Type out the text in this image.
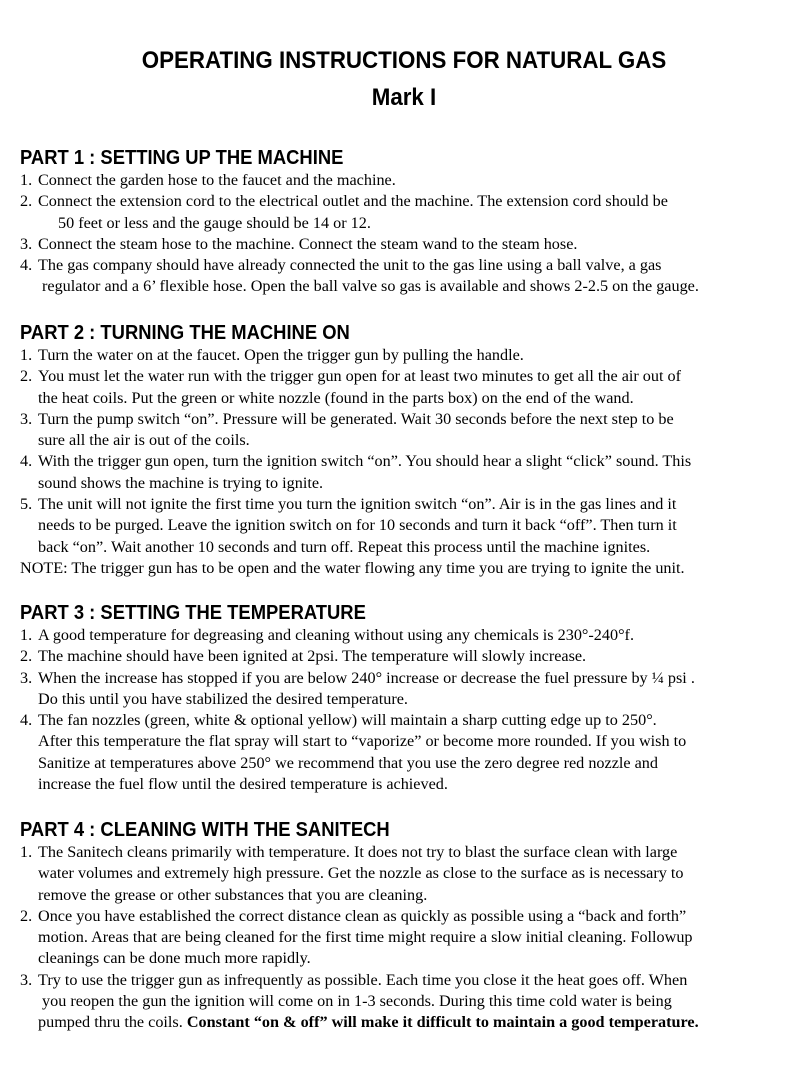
OPERATING INSTRUCTIONS FOR NATURAL GAS
Mark I
PART 1 : SETTING UP THE MACHINE
1. Connect the garden hose to the faucet and the machine.
2. Connect the extension cord to the electrical outlet and the machine. The extension cord should be
50 feet or less and the gauge should be 14 or 12.
3. Connect the steam hose to the machine. Connect the steam wand to the steam hose.
4. The gas company should have already connected the unit to the gas line using a ball valve, a gas
regulator and a 6’ flexible hose. Open the ball valve so gas is available and shows 2-2.5 on the gauge.
PART 2 : TURNING THE MACHINE ON
1. Turn the water on at the faucet. Open the trigger gun by pulling the handle.
2. You must let the water run with the trigger gun open for at least two minutes to get all the air out of
the heat coils. Put the green or white nozzle (found in the parts box) on the end of the wand.
3. Turn the pump switch “on”. Pressure will be generated. Wait 30 seconds before the next step to be
sure all the air is out of the coils.
4. With the trigger gun open, turn the ignition switch “on”. You should hear a slight “click” sound. This
sound shows the machine is trying to ignite.
5. The unit will not ignite the first time you turn the ignition switch “on”. Air is in the gas lines and it
needs to be purged. Leave the ignition switch on for 10 seconds and turn it back “off”. Then turn it
back “on”. Wait another 10 seconds and turn off. Repeat this process until the machine ignites.
NOTE: The trigger gun has to be open and the water flowing any time you are trying to ignite the unit.
PART 3 : SETTING THE TEMPERATURE
1. A good temperature for degreasing and cleaning without using any chemicals is 230°-240°f.
2. The machine should have been ignited at 2psi. The temperature will slowly increase.
3. When the increase has stopped if you are below 240° increase or decrease the fuel pressure by ¼ psi .
Do this until you have stabilized the desired temperature.
4. The fan nozzles (green, white & optional yellow) will maintain a sharp cutting edge up to 250°.
After this temperature the flat spray will start to “vaporize” or become more rounded. If you wish to
Sanitize at temperatures above 250° we recommend that you use the zero degree red nozzle and
increase the fuel flow until the desired temperature is achieved.
PART 4 : CLEANING WITH THE SANITECH
1. The Sanitech cleans primarily with temperature. It does not try to blast the surface clean with large
water volumes and extremely high pressure. Get the nozzle as close to the surface as is necessary to
remove the grease or other substances that you are cleaning.
2. Once you have established the correct distance clean as quickly as possible using a “back and forth”
motion. Areas that are being cleaned for the first time might require a slow initial cleaning. Followup
cleanings can be done much more rapidly.
3. Try to use the trigger gun as infrequently as possible. Each time you close it the heat goes off. When
you reopen the gun the ignition will come on in 1-3 seconds. During this time cold water is being
pumped thru the coils. Constant “on & off” will make it difficult to maintain a good temperature.
